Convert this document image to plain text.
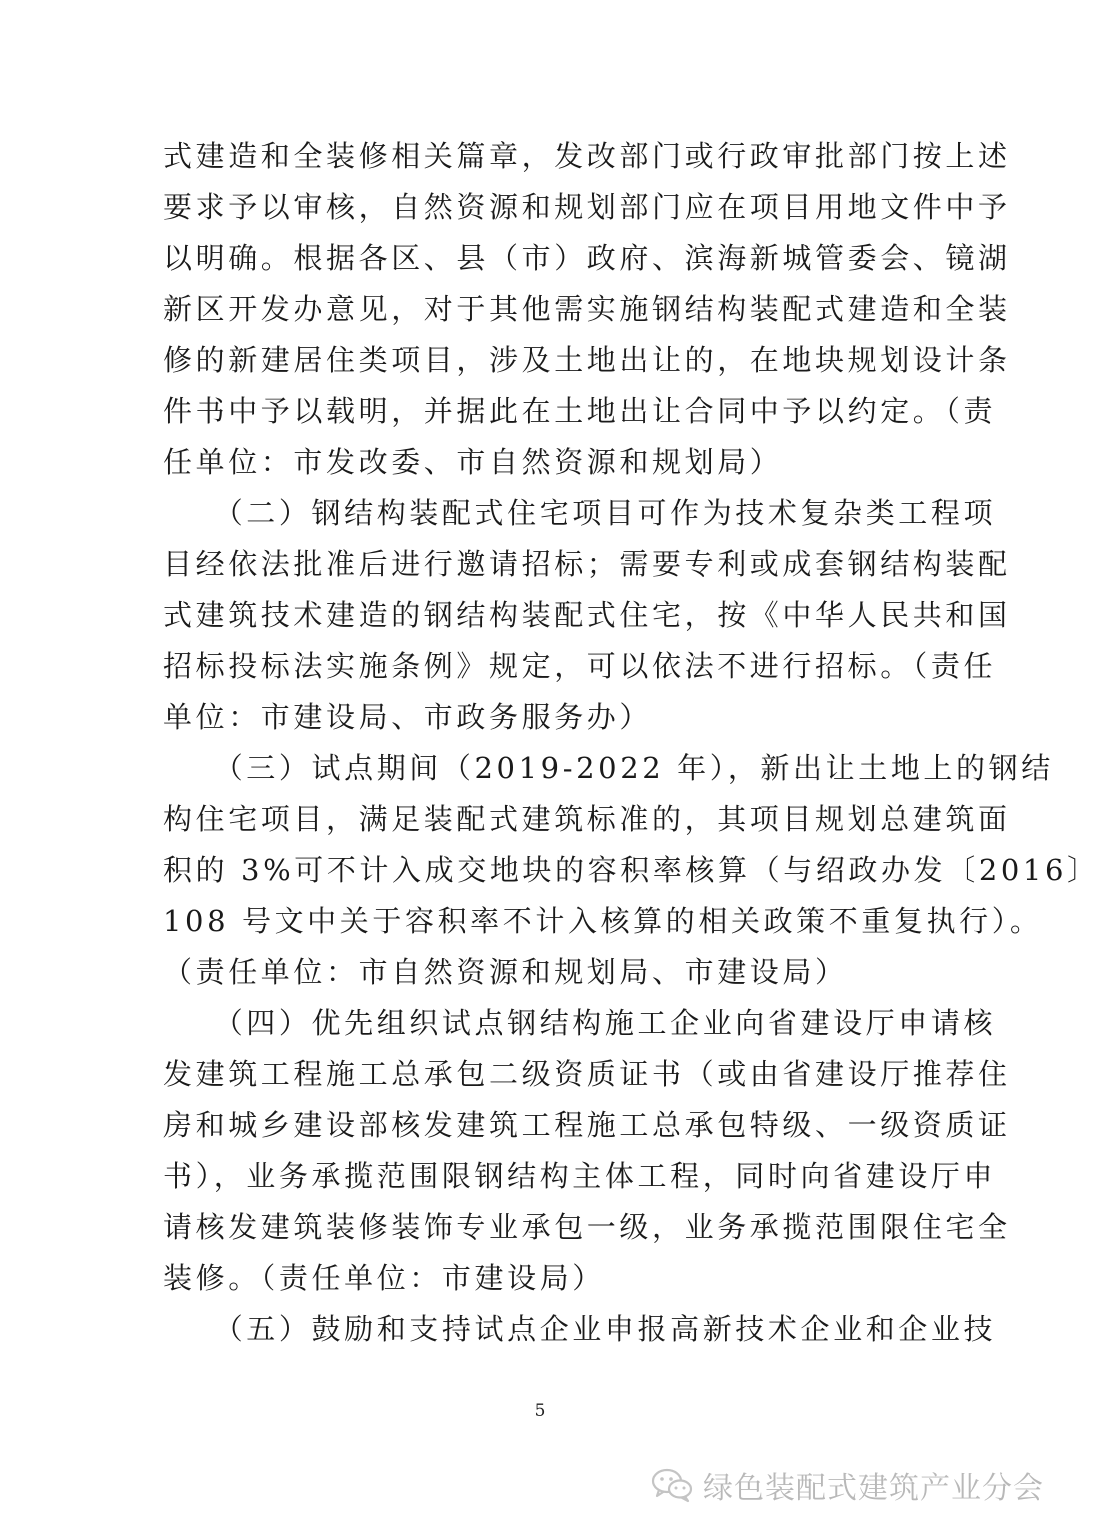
式建造和全装修相关篇章，发改部门或行政审批部门按上述
要求予以审核，自然资源和规划部门应在项目用地文件中予
以明确。根据各区、县（市）政府、滨海新城管委会、镜湖
新区开发办意见，对于其他需实施钢结构装配式建造和全装
修的新建居住类项目，涉及土地出让的，在地块规划设计条
件书中予以载明，并据此在土地出让合同中予以约定。（责
任单位：市发改委、市自然资源和规划局）
　　（二）钢结构装配式住宅项目可作为技术复杂类工程项
目经依法批准后进行邀请招标；需要专利或成套钢结构装配
式建筑技术建造的钢结构装配式住宅，按《中华人民共和国
招标投标法实施条例》规定，可以依法不进行招标。（责任
单位：市建设局、市政务服务办）
　　（三）试点期间（2019-2022 年），新出让土地上的钢结
构住宅项目，满足装配式建筑标准的，其项目规划总建筑面
积的 3%可不计入成交地块的容积率核算（与绍政办发〔2016〕
108 号文中关于容积率不计入核算的相关政策不重复执行）。
（责任单位：市自然资源和规划局、市建设局）
　　（四）优先组织试点钢结构施工企业向省建设厅申请核
发建筑工程施工总承包二级资质证书（或由省建设厅推荐住
房和城乡建设部核发建筑工程施工总承包特级、一级资质证
书），业务承揽范围限钢结构主体工程，同时向省建设厅申
请核发建筑装修装饰专业承包一级，业务承揽范围限住宅全
装修。（责任单位：市建设局）
　　（五）鼓励和支持试点企业申报高新技术企业和企业技
5
绿色装配式建筑产业分会
